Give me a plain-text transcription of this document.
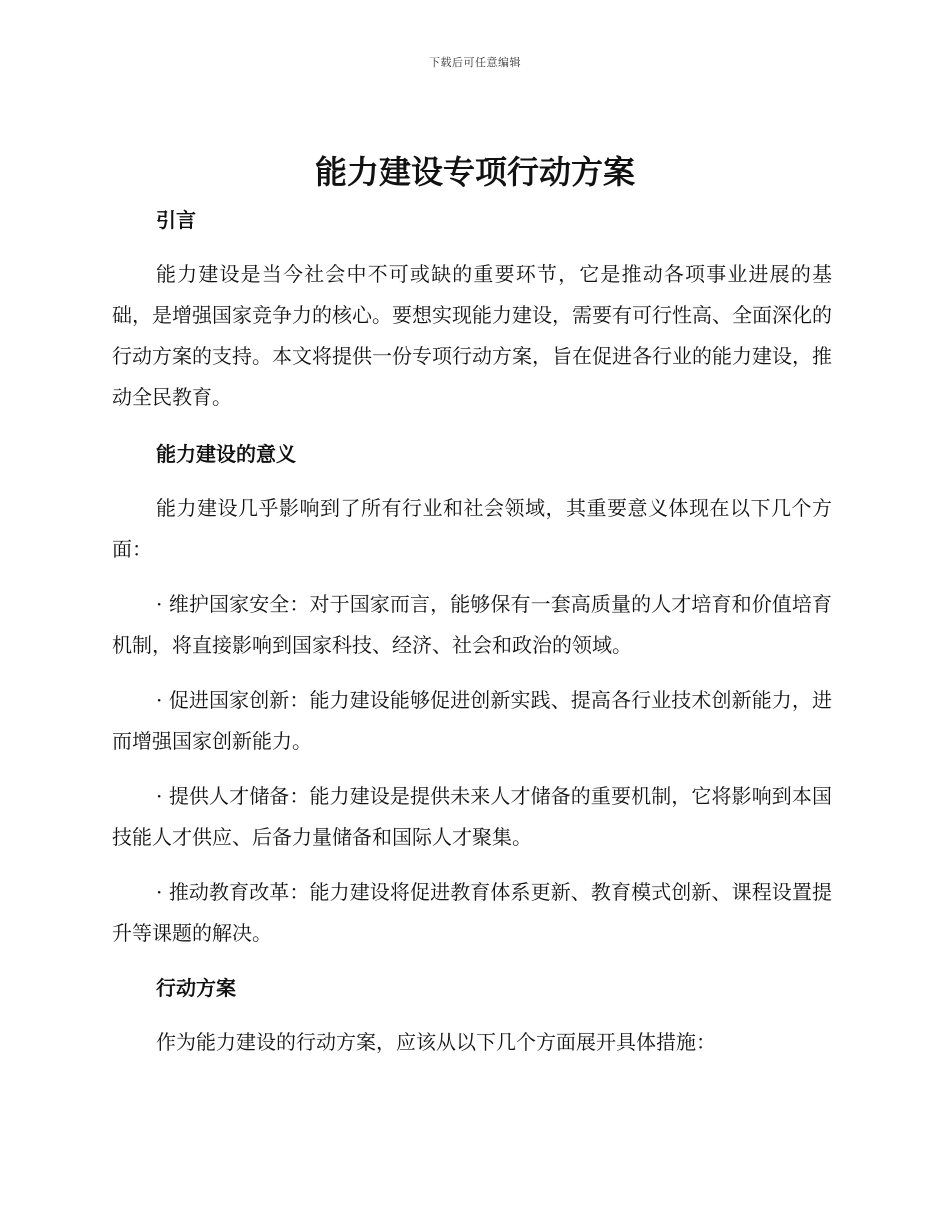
下载后可任意编辑
能力建设专项行动方案
引言

能力建设是当今社会中不可或缺的重要环节，它是推动各项事业进展的基础，是增强国家竞争力的核心。要想实现能力建设，需要有可行性高、全面深化的行动方案的支持。本文将提供一份专项行动方案，旨在促进各行业的能力建设，推动全民教育。

能力建设的意义

能力建设几乎影响到了所有行业和社会领域，其重要意义体现在以下几个方面：

· 维护国家安全：对于国家而言，能够保有一套高质量的人才培育和价值培育机制，将直接影响到国家科技、经济、社会和政治的领域。

· 促进国家创新：能力建设能够促进创新实践、提高各行业技术创新能力，进而增强国家创新能力。

· 提供人才储备：能力建设是提供未来人才储备的重要机制，它将影响到本国技能人才供应、后备力量储备和国际人才聚集。

· 推动教育改革：能力建设将促进教育体系更新、教育模式创新、课程设置提升等课题的解决。

行动方案

作为能力建设的行动方案，应该从以下几个方面展开具体措施：
